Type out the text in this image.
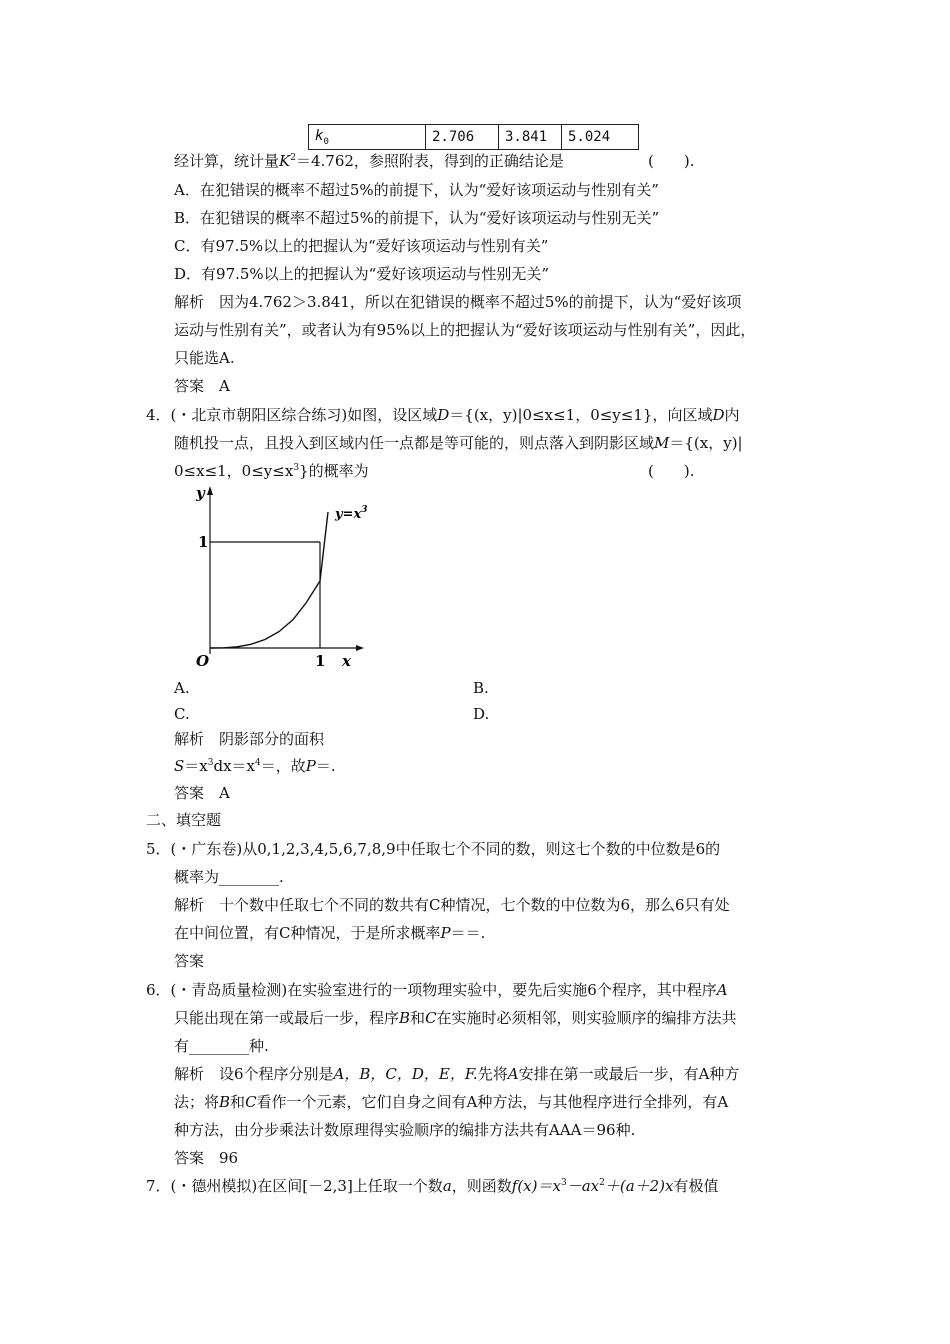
$k_0$	2.706	3.841	5.024
经计算，统计量$K^2=4.762$，参照附表，得到的正确结论是	(　　).
A．在犯错误的概率不超过5%的前提下，认为“爱好该项运动与性别有关”
B．在犯错误的概率不超过5%的前提下，认为“爱好该项运动与性别无关”
C．有97.5%以上的把握认为“爱好该项运动与性别有关”
D．有97.5%以上的把握认为“爱好该项运动与性别无关”
解析　因为4.762＞3.841，所以在犯错误的概率不超过5%的前提下，认为“爱好该项
运动与性别有关”，或者认为有95%以上的把握认为“爱好该项运动与性别有关”，因此，
只能选A.
答案　A
4．(・北京市朝阳区综合练习)如图，设区域D＝{(x，y)|0≤x≤1，0≤y≤1}，向区域D内
随机投一点，且投入到区域内任一点都是等可能的，则点落入到阴影区域M＝{(x，y)|
0≤x≤1，$0\le y\le x^3$}的概率为	(　　).
y
x
O
1
1
$y=x^3$
A.	B.
C.	D.
解析　阴影部分的面积
$S=x^3dx=x^4=$，故P＝.
答案　A
二、填空题
5．(・广东卷)从0,1,2,3,4,5,6,7,8,9中任取七个不同的数，则这七个数的中位数是6的
概率为________.
解析　十个数中任取七个不同的数共有C种情况，七个数的中位数为6，那么6只有处
在中间位置，有C种情况，于是所求概率P＝＝.
答案
6．(・青岛质量检测)在实验室进行的一项物理实验中，要先后实施6个程序，其中程序A
只能出现在第一或最后一步，程序B和C在实施时必须相邻，则实验顺序的编排方法共
有________种.
解析　设6个程序分别是A，B，C，D，E，F.先将A安排在第一或最后一步，有A种方
法；将B和C看作一个元素，它们自身之间有A种方法，与其他程序进行全排列，有A
种方法，由分步乘法计数原理得实验顺序的编排方法共有AAA＝96种.
答案　96
7．(・德州模拟)在区间[－2,3]上任取一个数a，则函数$f(x)=x^3-ax^2+(a+2)x$有极值
